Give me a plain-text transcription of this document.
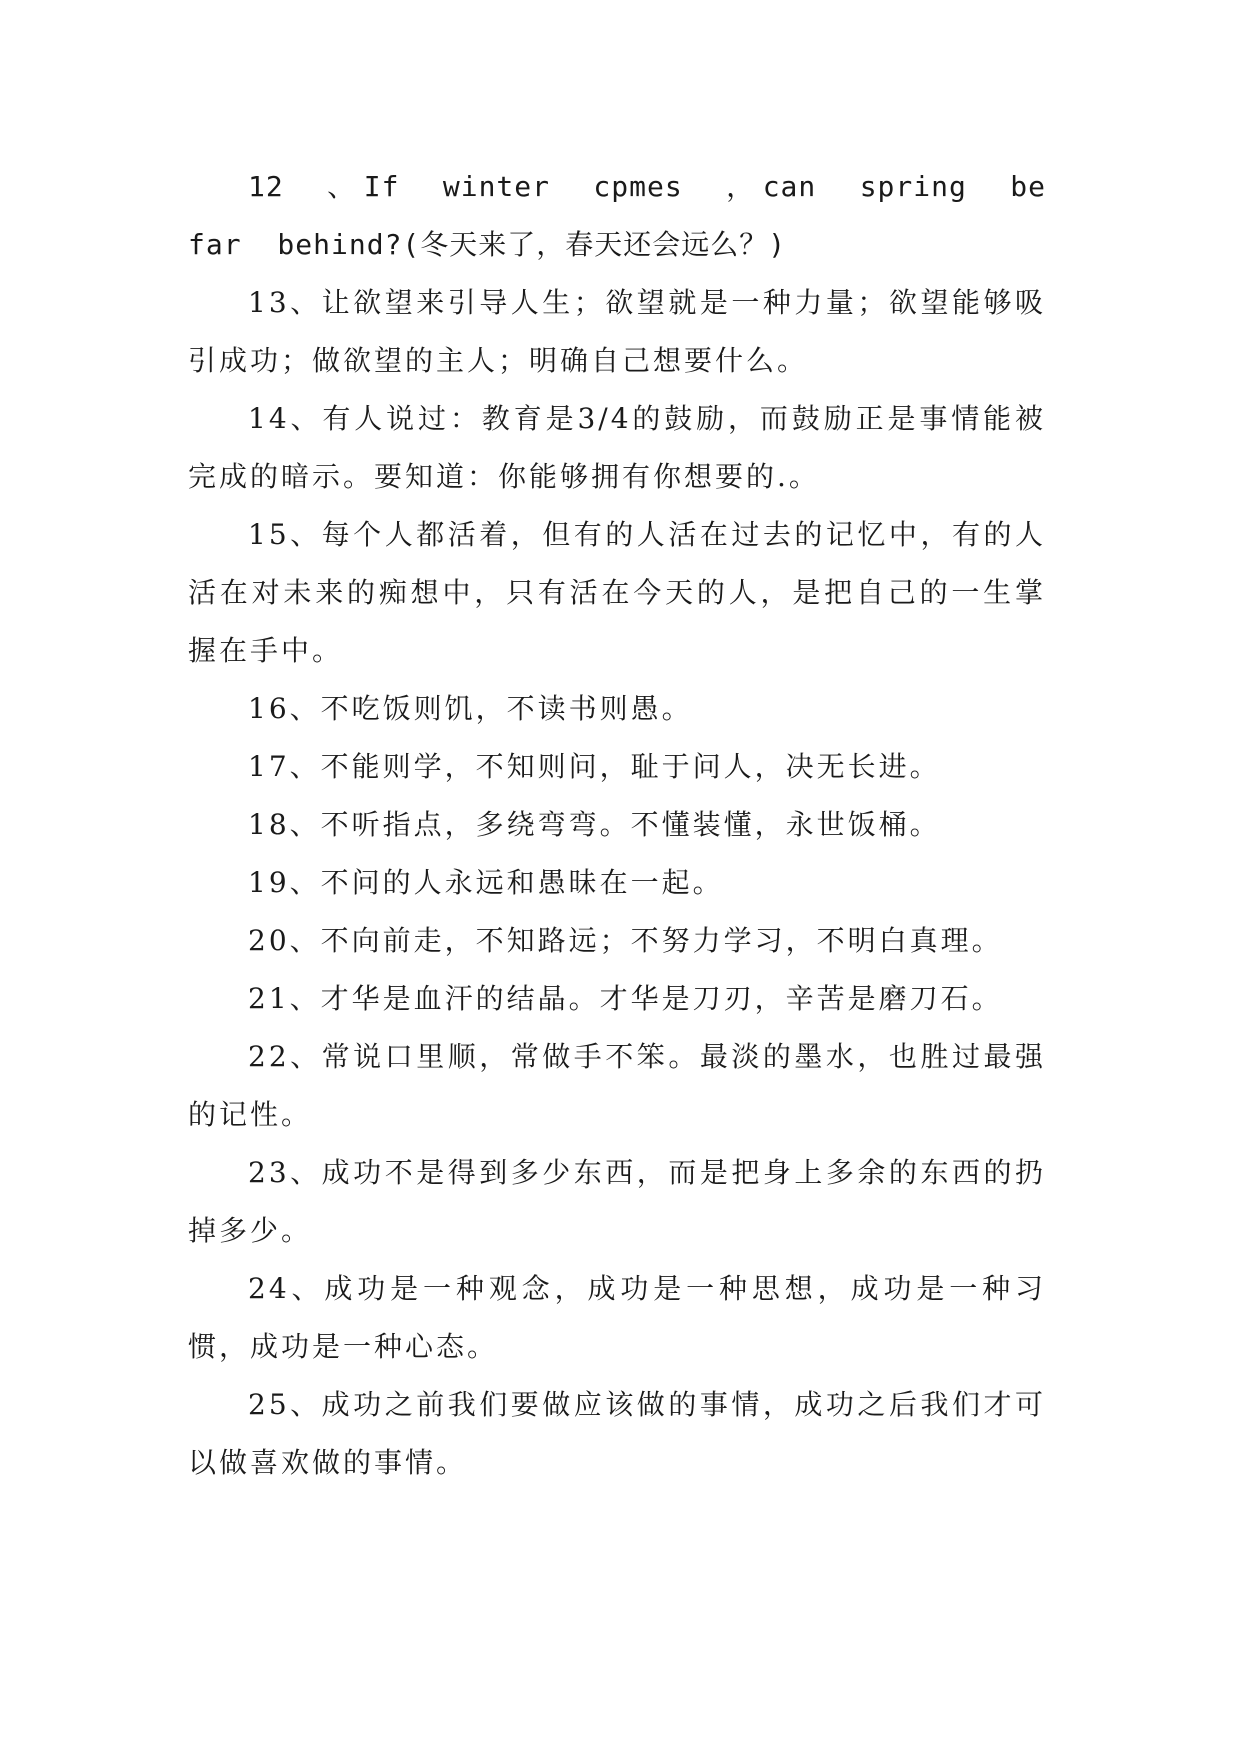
12 、If winter cpmes ，can spring be far behind?(冬天来了，春天还会远么？)

13、让欲望来引导人生；欲望就是一种力量；欲望能够吸引成功；做欲望的主人；明确自己想要什么。

14、有人说过：教育是3/4的鼓励，而鼓励正是事情能被完成的暗示。要知道：你能够拥有你想要的.。

15、每个人都活着，但有的人活在过去的记忆中，有的人活在对未来的痴想中，只有活在今天的人，是把自己的一生掌握在手中。

16、不吃饭则饥，不读书则愚。

17、不能则学，不知则问，耻于问人，决无长进。

18、不听指点，多绕弯弯。不懂装懂，永世饭桶。

19、不问的人永远和愚昧在一起。

20、不向前走，不知路远；不努力学习，不明白真理。

21、才华是血汗的结晶。才华是刀刃，辛苦是磨刀石。

22、常说口里顺，常做手不笨。最淡的墨水，也胜过最强的记性。

23、成功不是得到多少东西，而是把身上多余的东西的扔掉多少。

24、成功是一种观念，成功是一种思想，成功是一种习惯，成功是一种心态。

25、成功之前我们要做应该做的事情，成功之后我们才可以做喜欢做的事情。
